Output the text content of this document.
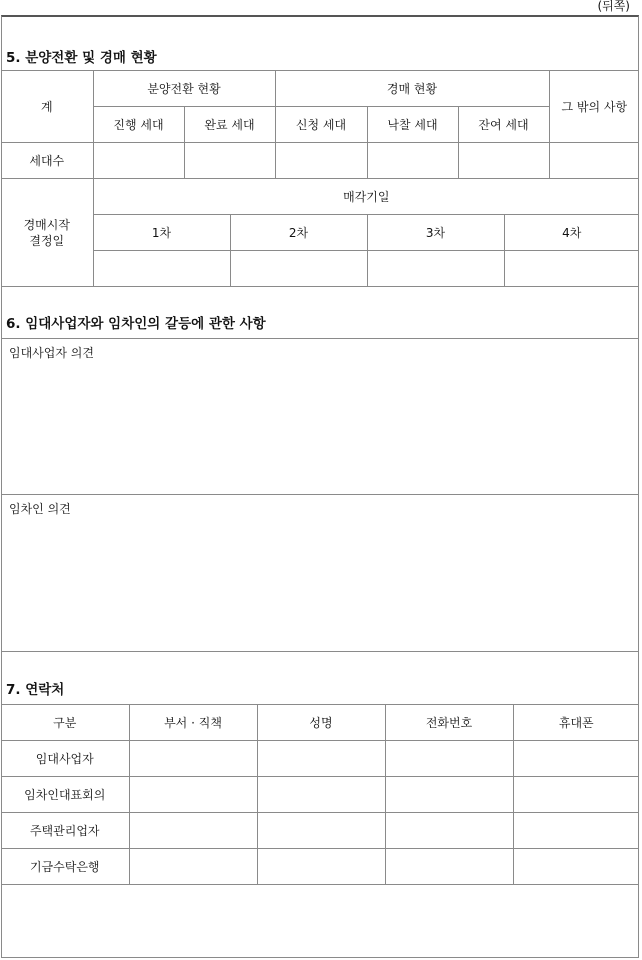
(뒤쪽)
5. 분양전환 및 경매 현황
계	분양전환 현황		경매 현황			그 밖의 사항
	진행 세대	완료 세대	신청 세대	낙찰 세대	잔여 세대	
세대수						
경매시작
결정일	매각기일			
	1차	2차	3차	4차

6. 임대사업자와 임차인의 갈등에 관한 사항
임대사업자 의견
임차인 의견
7. 연락처
구분	부서 · 직책	성명	전화번호	휴대폰
임대사업자				
임차인대표회의				
주택관리업자				
기금수탁은행				
